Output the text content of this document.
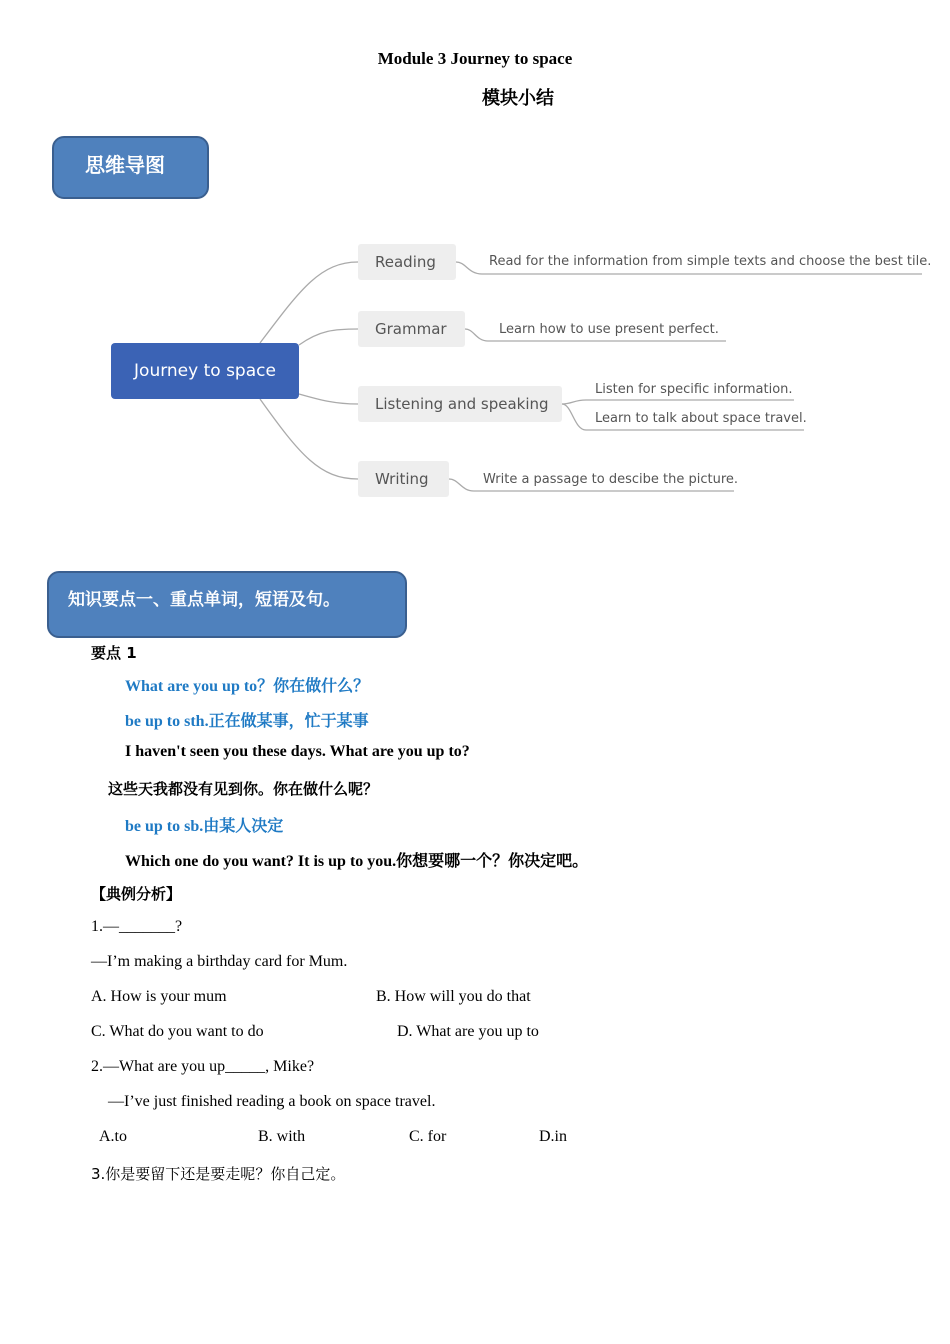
Module 3 Journey to space
模块小结
思维导图
Journey to space
Reading
Grammar
Listening and speaking
Writing
Read for the information from simple texts and choose the best tile.
Learn how to use present perfect.
Listen for specific information.
Learn to talk about space travel.
Write a passage to descibe the picture.
知识要点一、重点单词，短语及句。
要点 1
What are you up to？你在做什么？
be up to sth.正在做某事，忙于某事
I haven't seen you these days. What are you up to?
这些天我都没有见到你。你在做什么呢？
be up to sb.由某人决定
Which one do you want? It is up to you.你想要哪一个？你决定吧。
【典例分析】
1.—_______?
—I’m making a birthday card for Mum.
A. How is your mum	B. How will you do that
C. What do you want to do	D. What are you up to
2.—What are you up_____, Mike?
—I’ve just finished reading a book on space travel.
A.to	B. with	C. for	D.in
3.你是要留下还是要走呢？你自己定。
